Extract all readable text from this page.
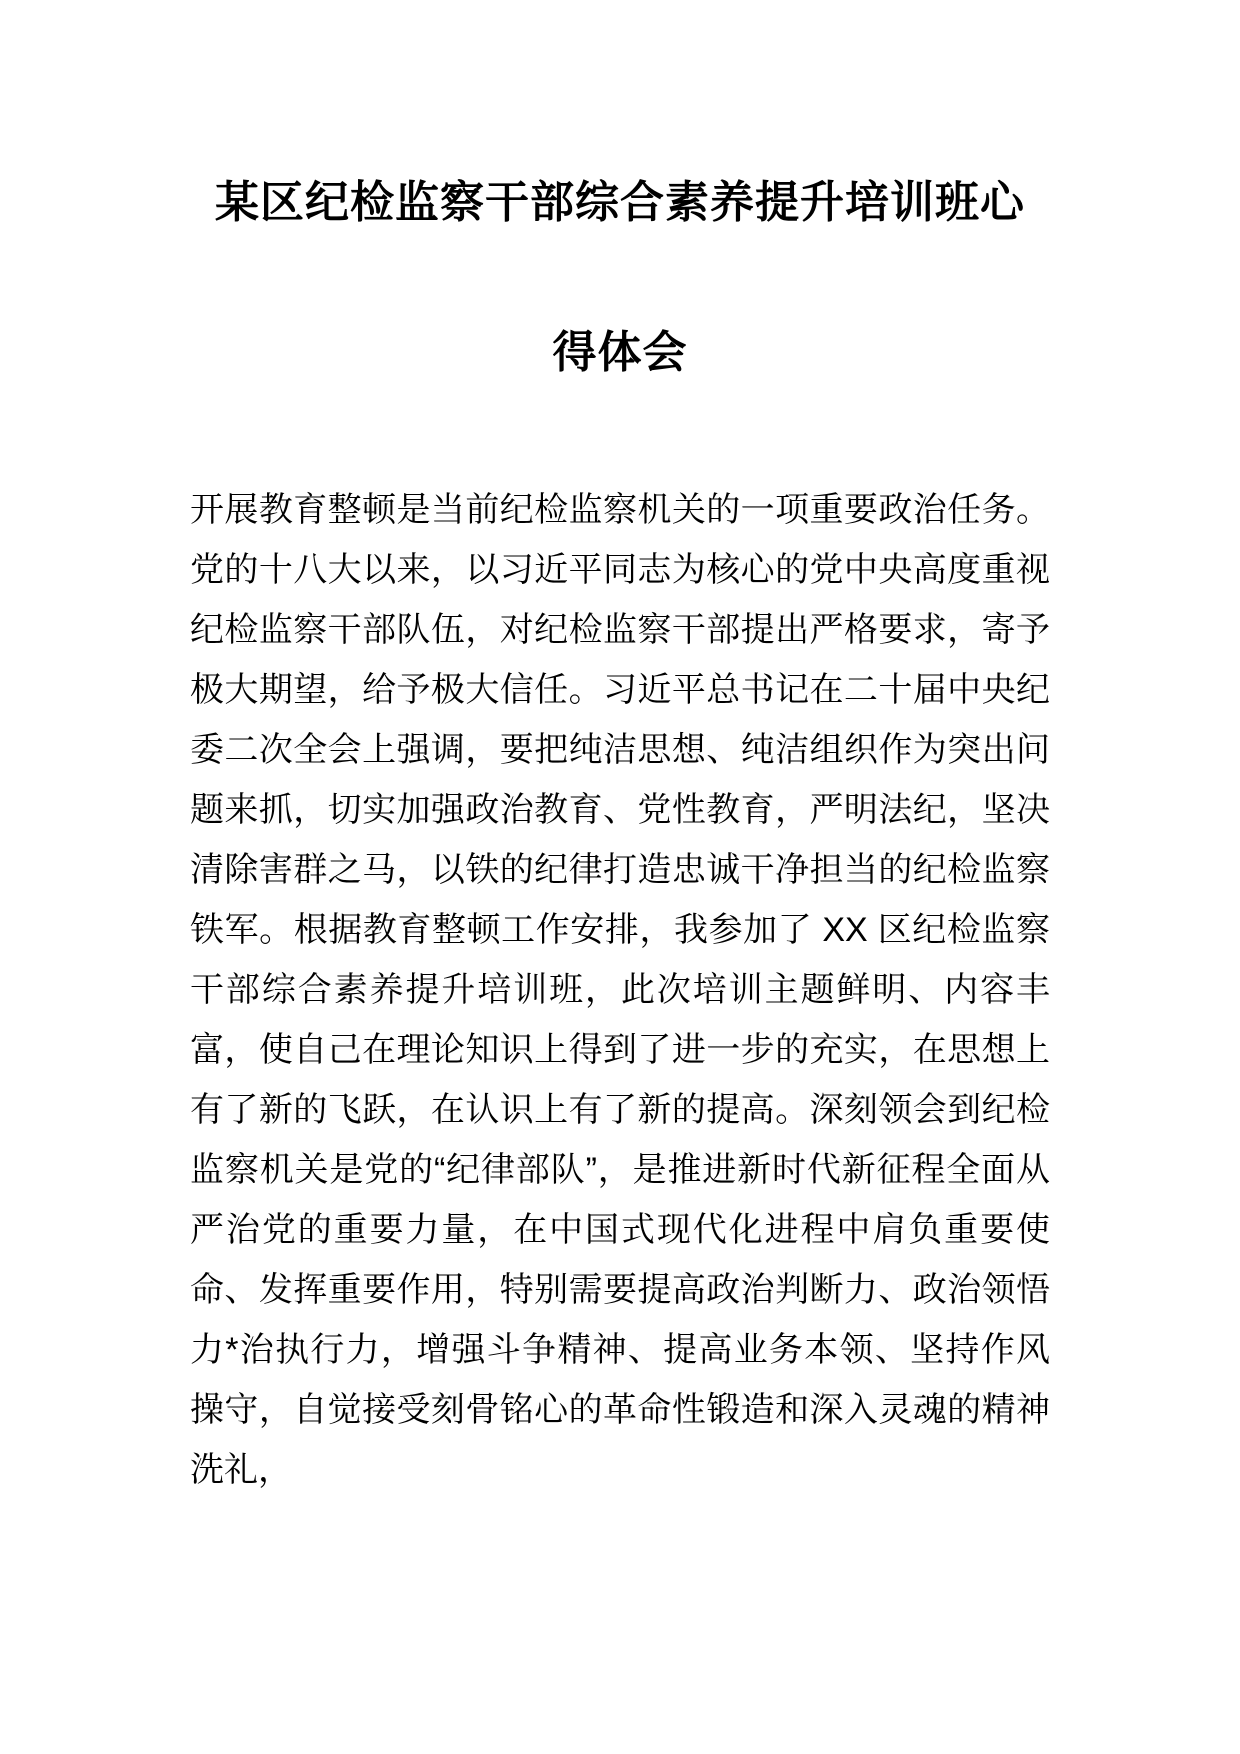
某区纪检监察干部综合素养提升培训班心
得体会

开展教育整顿是当前纪检监察机关的一项重要政治任务。党的十八大以来，以习近平同志为核心的党中央高度重视纪检监察干部队伍，对纪检监察干部提出严格要求，寄予极大期望，给予极大信任。习近平总书记在二十届中央纪委二次全会上强调，要把纯洁思想、纯洁组织作为突出问题来抓，切实加强政治教育、党性教育，严明法纪，坚决清除害群之马，以铁的纪律打造忠诚干净担当的纪检监察铁军。根据教育整顿工作安排，我参加了 XX 区纪检监察干部综合素养提升培训班，此次培训主题鲜明、内容丰富，使自己在理论知识上得到了进一步的充实，在思想上有了新的飞跃，在认识上有了新的提高。深刻领会到纪检监察机关是党的“纪律部队”，是推进新时代新征程全面从严治党的重要力量，在中国式现代化进程中肩负重要使命、发挥重要作用，特别需要提高政治判断力、政治领悟力*治执行力，增强斗争精神、提高业务本领、坚持作风操守，自觉接受刻骨铭心的革命性锻造和深入灵魂的精神洗礼，
